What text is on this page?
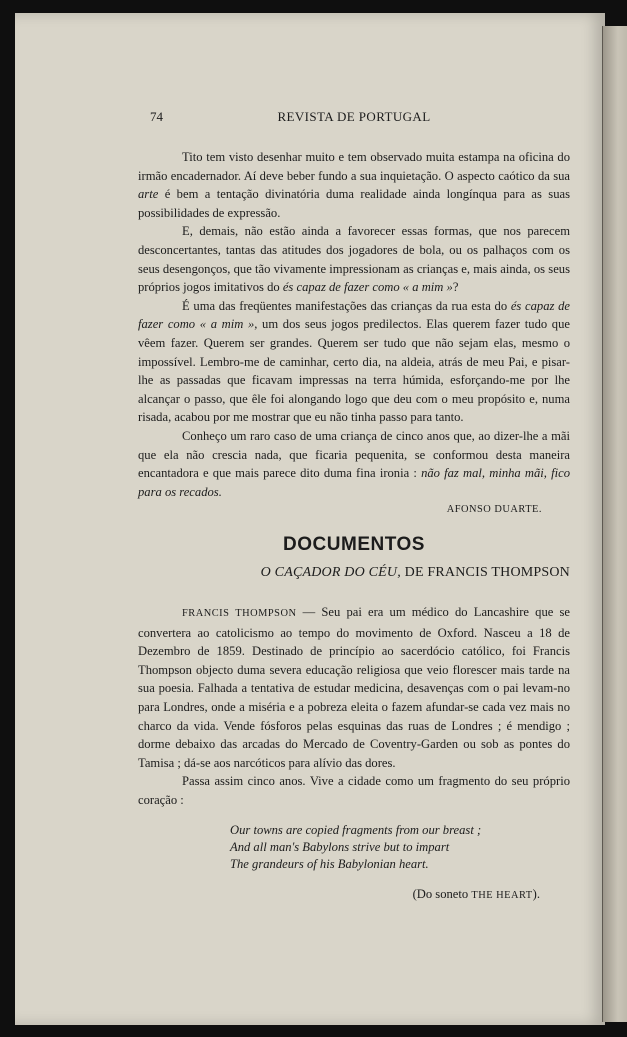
74	REVISTA DE PORTUGAL

Tito tem visto desenhar muito e tem observado muita estampa na oficina do irmão encadernador. Aí deve beber fundo a sua inquietação. O aspecto caótico da sua arte é bem a tentação divinatória duma realidade ainda longínqua para as suas possibilidades de expressão.

E, demais, não estão ainda a favorecer essas formas, que nos parecem desconcertantes, tantas das atitudes dos jogadores de bola, ou os palhaços com os seus desengonços, que tão vivamente impressionam as crianças e, mais ainda, os seus próprios jogos imitativos do és capaz de fazer como « a mim »?

É uma das freqüentes manifestações das crianças da rua esta do és capaz de fazer como « a mim », um dos seus jogos predilectos. Elas querem fazer tudo que vêem fazer. Querem ser grandes. Querem ser tudo que não sejam elas, mesmo o impossível. Lembro-me de caminhar, certo dia, na aldeia, atrás de meu Pai, e pisar-lhe as passadas que ficavam impressas na terra húmida, esforçando-me por lhe alcançar o passo, que êle foi alongando logo que deu com o meu propósito e, numa risada, acabou por me mostrar que eu não tinha passo para tanto.

Conheço um raro caso de uma criança de cinco anos que, ao dizer-lhe a mãi que ela não crescia nada, que ficaria pequenita, se conformou desta maneira encantadora e que mais parece dito duma fina ironia : não faz mal, minha mãi, fico para os recados.

AFONSO DUARTE.
DOCUMENTOS
O CAÇADOR DO CÉU, DE FRANCIS THOMPSON

FRANCIS THOMPSON — Seu pai era um médico do Lancashire que se convertera ao catolicismo ao tempo do movimento de Oxford. Nasceu a 18 de Dezembro de 1859. Destinado de princípio ao sacerdócio católico, foi Francis Thompson objecto duma severa educação religiosa que veio florescer mais tarde na sua poesia. Falhada a tentativa de estudar medicina, desavenças com o pai levam-no para Londres, onde a miséria e a pobreza eleita o fazem afundar-se cada vez mais no charco da vida. Vende fósforos pelas esquinas das ruas de Londres ; é mendigo ; dorme debaixo das arcadas do Mercado de Coventry-Garden ou sob as pontes do Tamisa ; dá-se aos narcóticos para alívio das dores.

Passa assim cinco anos. Vive a cidade como um fragmento do seu próprio coração :

Our towns are copied fragments from our breast ;
And all man's Babylons strive but to impart
The grandeurs of his Babylonian heart.
(Do soneto THE HEART).
